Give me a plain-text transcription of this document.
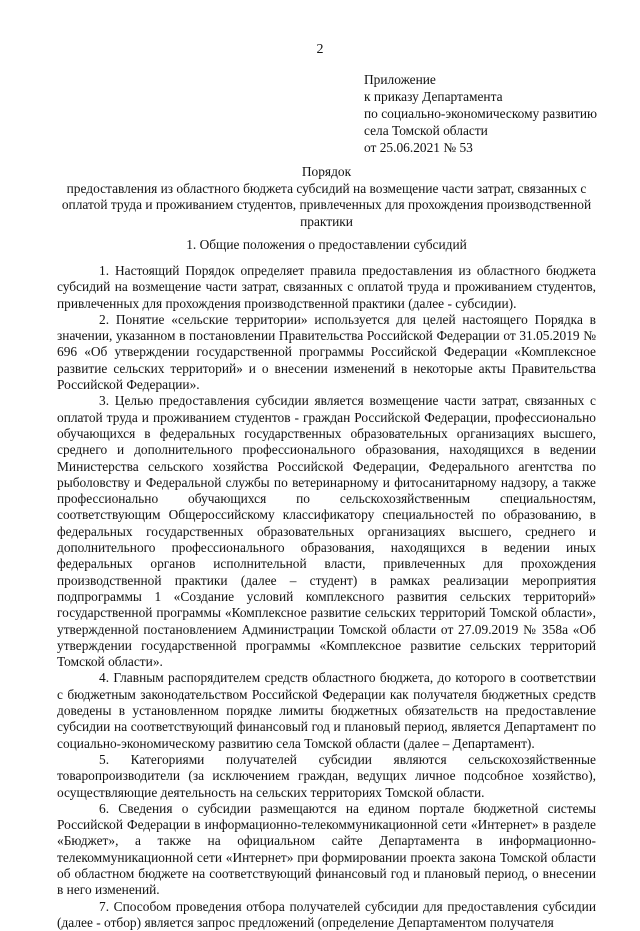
2
Приложение
к приказу Департамента
по социально-экономическому развитию
села Томской области
от 25.06.2021 № 53
Порядок
предоставления из областного бюджета субсидий на возмещение части затрат, связанных с оплатой труда и проживанием студентов, привлеченных для прохождения производственной практики
1. Общие положения о предоставлении субсидий

1. Настоящий Порядок определяет правила предоставления из областного бюджета субсидий на возмещение части затрат, связанных с оплатой труда и проживанием студентов, привлеченных для прохождения производственной практики (далее - субсидии).

2. Понятие «сельские территории» используется для целей настоящего Порядка в значении, указанном в постановлении Правительства Российской Федерации от 31.05.2019 № 696 «Об утверждении государственной программы Российской Федерации «Комплексное развитие сельских территорий» и о внесении изменений в некоторые акты Правительства Российской Федерации».

3. Целью предоставления субсидии является возмещение части затрат, связанных с оплатой труда и проживанием студентов - граждан Российской Федерации, профессионально обучающихся в федеральных государственных образовательных организациях высшего, среднего и дополнительного профессионального образования, находящихся в ведении Министерства сельского хозяйства Российской Федерации, Федерального агентства по рыболовству и Федеральной службы по ветеринарному и фитосанитарному надзору, а также профессионально обучающихся по сельскохозяйственным специальностям, соответствующим Общероссийскому классификатору специальностей по образованию, в федеральных государственных образовательных организациях высшего, среднего и дополнительного профессионального образования, находящихся в ведении иных федеральных органов исполнительной власти, привлеченных для прохождения производственной практики (далее – студент) в рамках реализации мероприятия подпрограммы 1 «Создание условий комплексного развития сельских территорий» государственной программы «Комплексное развитие сельских территорий Томской области», утвержденной постановлением Администрации Томской области от 27.09.2019 № 358а «Об утверждении государственной программы «Комплексное развитие сельских территорий Томской области».

4. Главным распорядителем средств областного бюджета, до которого в соответствии с бюджетным законодательством Российской Федерации как получателя бюджетных средств доведены в установленном порядке лимиты бюджетных обязательств на предоставление субсидии на соответствующий финансовый год и плановый период, является Департамент по социально-экономическому развитию села Томской области (далее – Департамент).

5. Категориями получателей субсидии являются сельскохозяйственные товаропроизводители (за исключением граждан, ведущих личное подсобное хозяйство), осуществляющие деятельность на сельских территориях Томской области.

6. Сведения о субсидии размещаются на едином портале бюджетной системы Российской Федерации в информационно-телекоммуникационной сети «Интернет» в разделе «Бюджет», а также на официальном сайте Департамента в информационно-телекоммуникационной сети «Интернет» при формировании проекта закона Томской области об областном бюджете на соответствующий финансовый год и плановый период, о внесении в него изменений.

7. Способом проведения отбора получателей субсидии для предоставления субсидии (далее - отбор) является запрос предложений (определение Департаментом получателя
